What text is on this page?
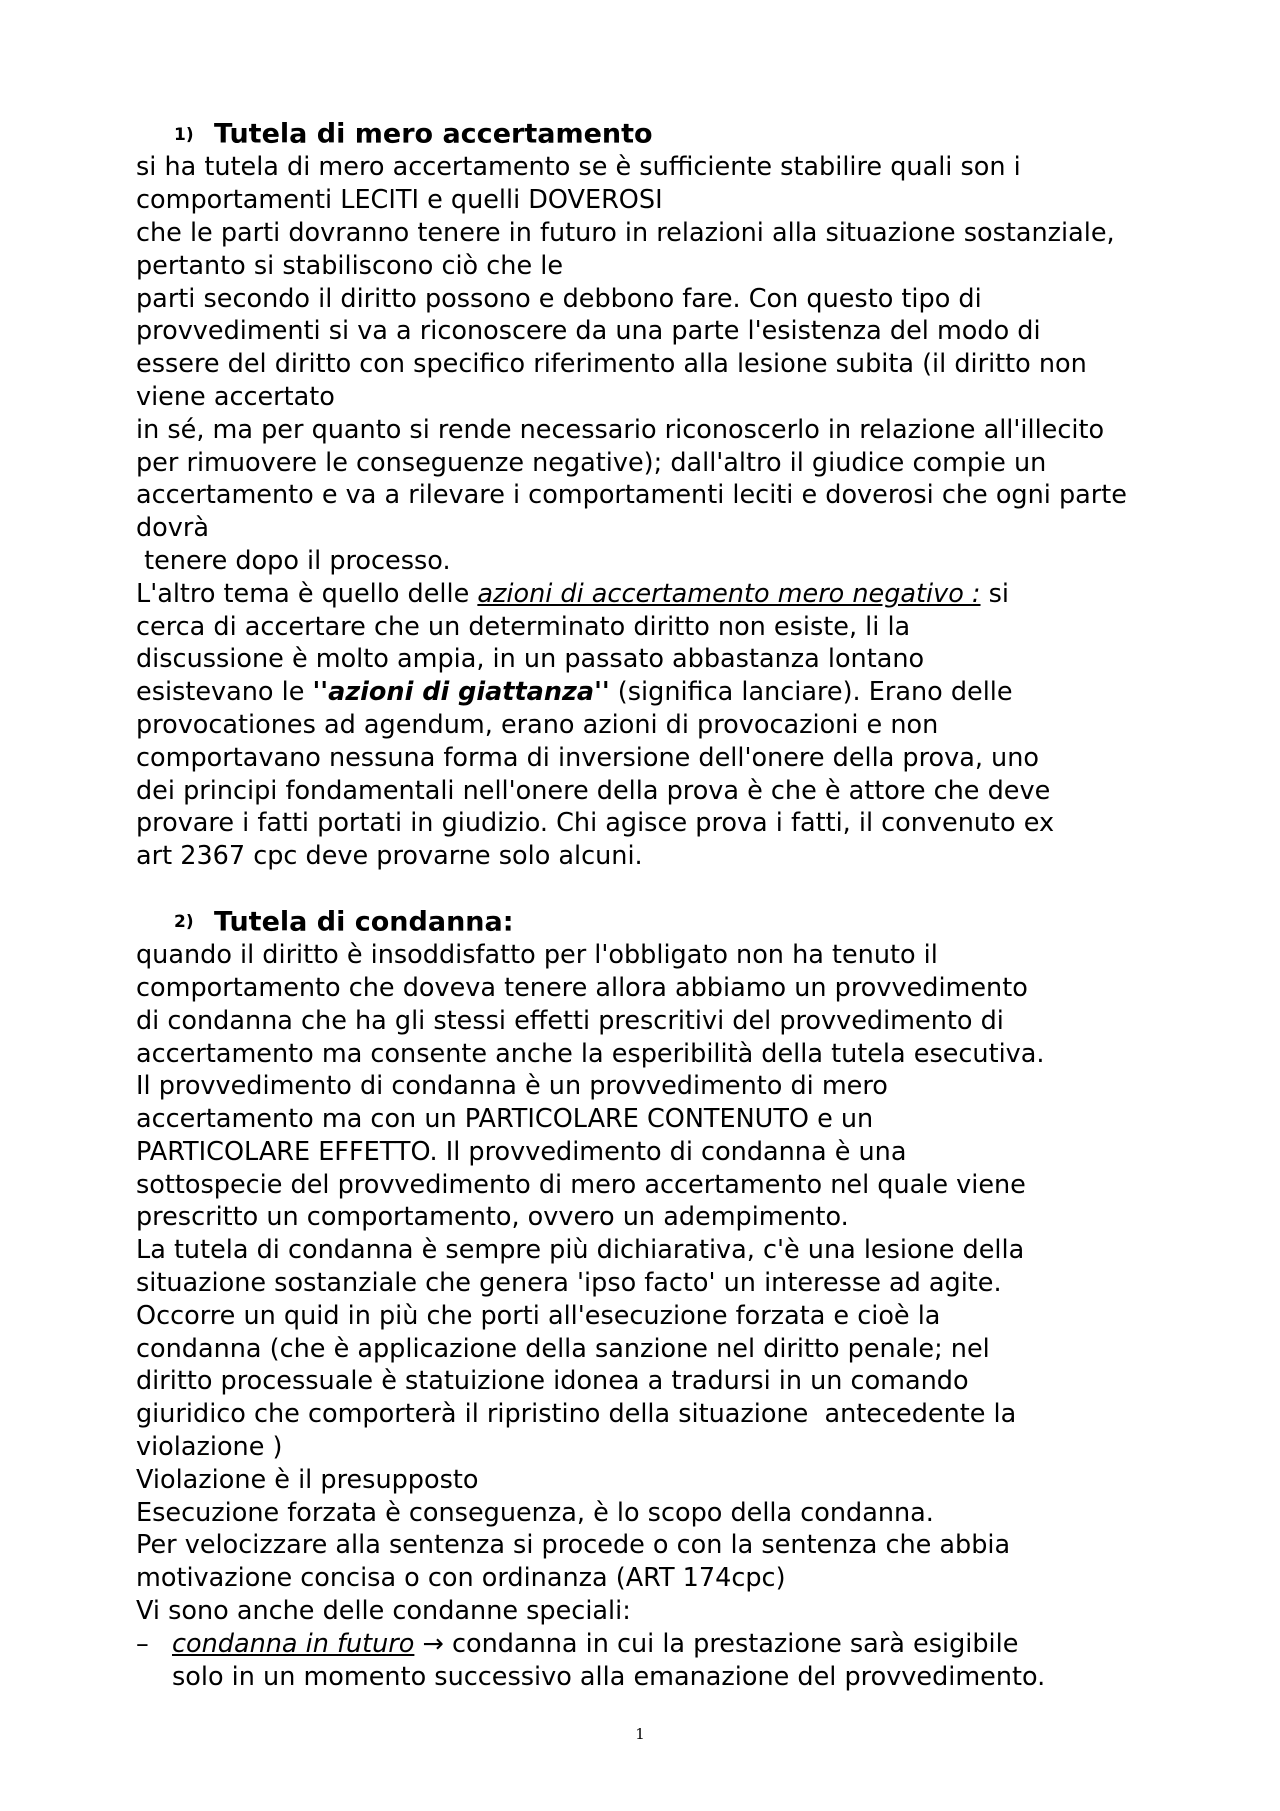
1) Tutela di mero accertamento
si ha tutela di mero accertamento se è sufficiente stabilire quali son i
comportamenti LECITI e quelli DOVEROSI
che le parti dovranno tenere in futuro in relazioni alla situazione sostanziale,
pertanto si stabiliscono ciò che le
parti secondo il diritto possono e debbono fare. Con questo tipo di
provvedimenti si va a riconoscere da una parte l'esistenza del modo di
essere del diritto con specifico riferimento alla lesione subita (il diritto non
viene accertato
in sé, ma per quanto si rende necessario riconoscerlo in relazione all'illecito
per rimuovere le conseguenze negative); dall'altro il giudice compie un
accertamento e va a rilevare i comportamenti leciti e doverosi che ogni parte
dovrà
tenere dopo il processo.
L'altro tema è quello delle azioni di accertamento mero negativo : si
cerca di accertare che un determinato diritto non esiste, li la
discussione è molto ampia, in un passato abbastanza lontano
esistevano le ''azioni di giattanza'' (significa lanciare). Erano delle
provocationes ad agendum, erano azioni di provocazioni e non
comportavano nessuna forma di inversione dell'onere della prova, uno
dei principi fondamentali nell'onere della prova è che è attore che deve
provare i fatti portati in giudizio. Chi agisce prova i fatti, il convenuto ex
art 2367 cpc deve provarne solo alcuni.
2) Tutela di condanna:
quando il diritto è insoddisfatto per l'obbligato non ha tenuto il
comportamento che doveva tenere allora abbiamo un provvedimento
di condanna che ha gli stessi effetti prescritivi del provvedimento di
accertamento ma consente anche la esperibilità della tutela esecutiva.
Il provvedimento di condanna è un provvedimento di mero
accertamento ma con un PARTICOLARE CONTENUTO e un
PARTICOLARE EFFETTO. Il provvedimento di condanna è una
sottospecie del provvedimento di mero accertamento nel quale viene
prescritto un comportamento, ovvero un adempimento.
La tutela di condanna è sempre più dichiarativa, c'è una lesione della
situazione sostanziale che genera 'ipso facto' un interesse ad agite.
Occorre un quid in più che porti all'esecuzione forzata e cioè la
condanna (che è applicazione della sanzione nel diritto penale; nel
diritto processuale è statuizione idonea a tradursi in un comando
giuridico che comporterà il ripristino della situazione  antecedente la
violazione )
Violazione è il presupposto
Esecuzione forzata è conseguenza, è lo scopo della condanna.
Per velocizzare alla sentenza si procede o con la sentenza che abbia
motivazione concisa o con ordinanza (ART 174cpc)
Vi sono anche delle condanne speciali:
– condanna in futuro → condanna in cui la prestazione sarà esigibile
solo in un momento successivo alla emanazione del provvedimento.
1
